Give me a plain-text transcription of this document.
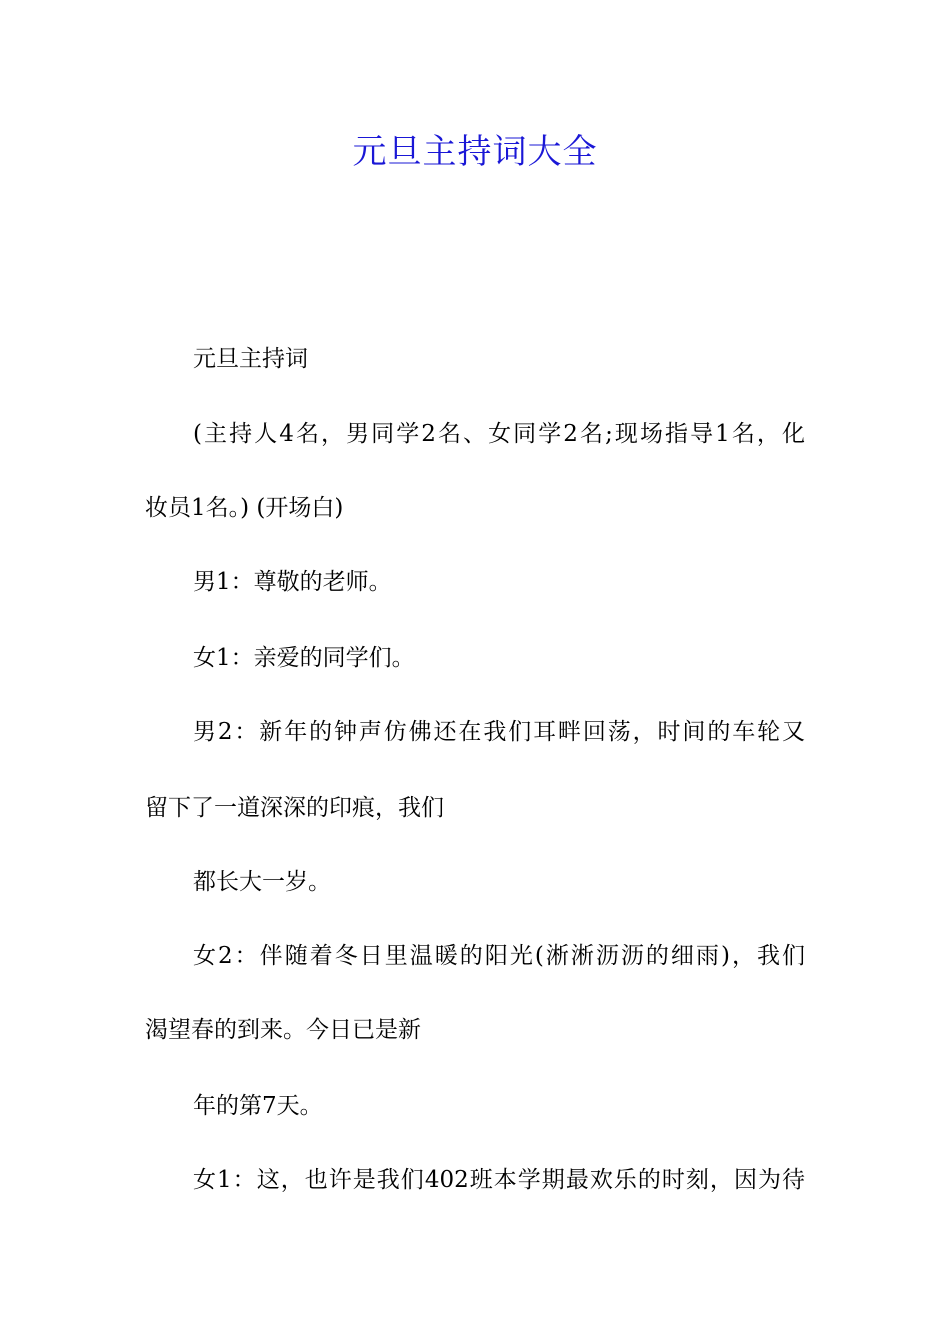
元旦主持词大全
元旦主持词
(主持人4名，男同学2名、女同学2名;现场指导1名，化
妆员1名。) (开场白)
男1：尊敬的老师。
女1：亲爱的同学们。
男2：新年的钟声仿佛还在我们耳畔回荡，时间的车轮又
留下了一道深深的印痕，我们
都长大一岁。
女2：伴随着冬日里温暖的阳光(淅淅沥沥的细雨)，我们
渴望春的到来。今日已是新
年的第7天。
女1：这，也许是我们402班本学期最欢乐的时刻，因为待
